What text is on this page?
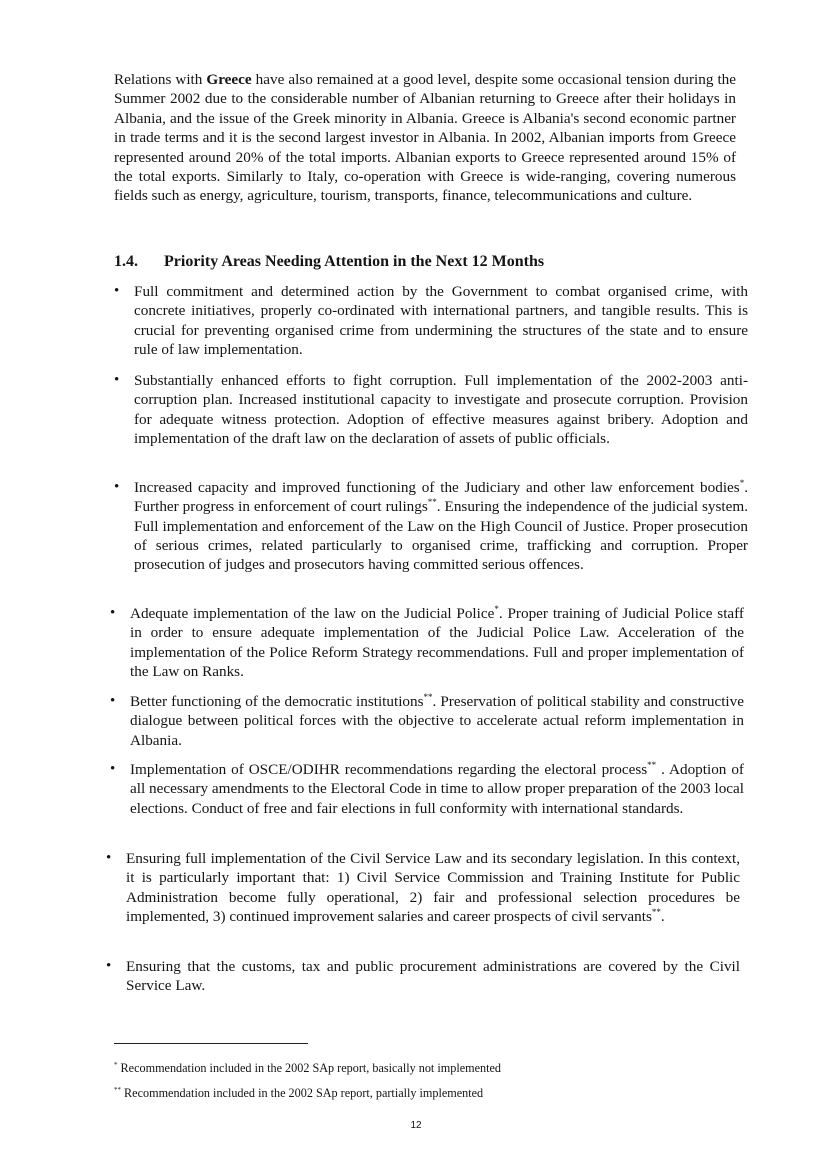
Relations with Greece have also remained at a good level, despite some occasional tension during the Summer 2002 due to the considerable number of Albanian returning to Greece after their holidays in Albania, and the issue of the Greek minority in Albania. Greece is Albania's second economic partner in trade terms and it is the second largest investor in Albania. In 2002, Albanian imports from Greece represented around 20% of the total imports. Albanian exports to Greece represented around 15% of the total exports. Similarly to Italy, co-operation with Greece is wide-ranging, covering numerous fields such as energy, agriculture, tourism, transports, finance, telecommunications and culture.

1.4. Priority Areas Needing Attention in the Next 12 Months
• Full commitment and determined action by the Government to combat organised crime, with concrete initiatives, properly co-ordinated with international partners, and tangible results. This is crucial for preventing organised crime from undermining the structures of the state and to ensure rule of law implementation.
• Substantially enhanced efforts to fight corruption. Full implementation of the 2002-2003 anti-corruption plan. Increased institutional capacity to investigate and prosecute corruption. Provision for adequate witness protection. Adoption of effective measures against bribery. Adoption and implementation of the draft law on the declaration of assets of public officials.
• Increased capacity and improved functioning of the Judiciary and other law enforcement bodies*. Further progress in enforcement of court rulings**. Ensuring the independence of the judicial system. Full implementation and enforcement of the Law on the High Council of Justice. Proper prosecution of serious crimes, related particularly to organised crime, trafficking and corruption. Proper prosecution of judges and prosecutors having committed serious offences.
• Adequate implementation of the law on the Judicial Police*. Proper training of Judicial Police staff in order to ensure adequate implementation of the Judicial Police Law. Acceleration of the implementation of the Police Reform Strategy recommendations. Full and proper implementation of the Law on Ranks.
• Better functioning of the democratic institutions**. Preservation of political stability and constructive dialogue between political forces with the objective to accelerate actual reform implementation in Albania.
• Implementation of OSCE/ODIHR recommendations regarding the electoral process** . Adoption of all necessary amendments to the Electoral Code in time to allow proper preparation of the 2003 local elections. Conduct of free and fair elections in full conformity with international standards.
• Ensuring full implementation of the Civil Service Law and its secondary legislation. In this context, it is particularly important that: 1) Civil Service Commission and Training Institute for Public Administration become fully operational, 2) fair and professional selection procedures be implemented, 3) continued improvement salaries and career prospects of civil servants**.
• Ensuring that the customs, tax and public procurement administrations are covered by the Civil Service Law.

* Recommendation included in the 2002 SAp report, basically not implemented

** Recommendation included in the 2002 SAp report, partially implemented

12
